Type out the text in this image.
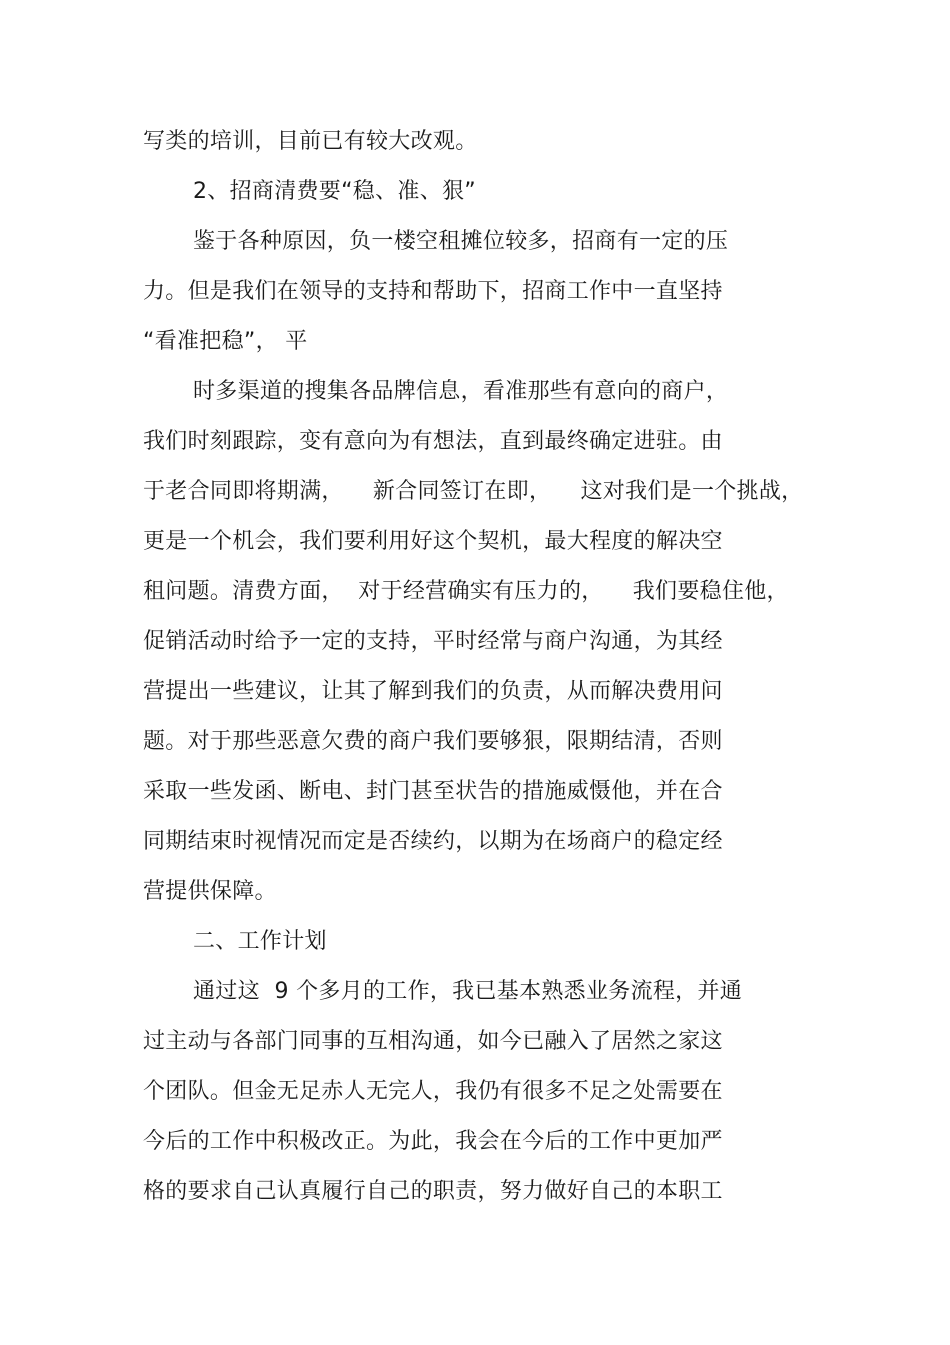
写类的培训，目前已有较大改观。
2、招商清费要“稳、准、狠”
鉴于各种原因，负一楼空租摊位较多，招商有一定的压
力。但是我们在领导的支持和帮助下，招商工作中一直坚持
“看准把稳”， 平
时多渠道的搜集各品牌信息，看准那些有意向的商户，
我们时刻跟踪，变有意向为有想法，直到最终确定进驻。由
于老合同即将期满，    新合同签订在即，    这对我们是一个挑战，
更是一个机会，我们要利用好这个契机，最大程度的解决空
租问题。清费方面，  对于经营确实有压力的，    我们要稳住他，
促销活动时给予一定的支持，平时经常与商户沟通，为其经
营提出一些建议，让其了解到我们的负责，从而解决费用问
题。对于那些恶意欠费的商户我们要够狠，限期结清，否则
采取一些发函、断电、封门甚至状告的措施威慑他，并在合
同期结束时视情况而定是否续约，以期为在场商户的稳定经
营提供保障。
二、工作计划
通过这  9 个多月的工作，我已基本熟悉业务流程，并通
过主动与各部门同事的互相沟通，如今已融入了居然之家这
个团队。但金无足赤人无完人，我仍有很多不足之处需要在
今后的工作中积极改正。为此，我会在今后的工作中更加严
格的要求自己认真履行自己的职责，努力做好自己的本职工
